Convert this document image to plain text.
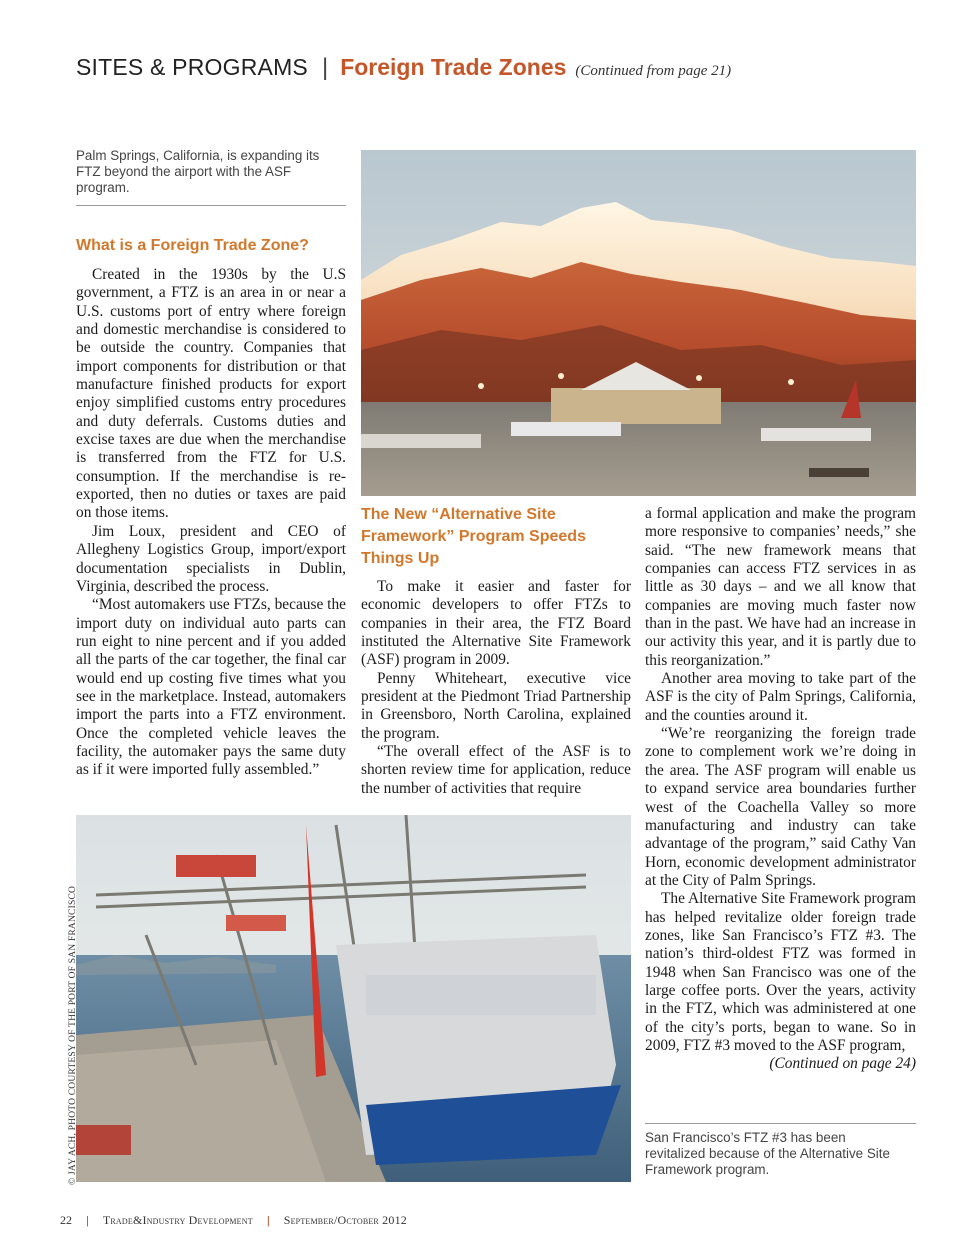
SITES & PROGRAMS | Foreign Trade Zones (Continued from page 21)
Palm Springs, California, is expanding its FTZ beyond the airport with the ASF program.
What is a Foreign Trade Zone?

Created in the 1930s by the U.S government, a FTZ is an area in or near a U.S. customs port of entry where foreign and domestic merchandise is considered to be outside the country. Companies that import components for distribution or that manufacture finished products for export enjoy simplified customs entry procedures and duty deferrals. Customs duties and excise taxes are due when the merchandise is transferred from the FTZ for U.S. consumption. If the merchandise is re-exported, then no duties or taxes are paid on those items.

Jim Loux, president and CEO of Allegheny Logistics Group, import/export documentation specialists in Dublin, Virginia, described the process.

“Most automakers use FTZs, because the import duty on individual auto parts can run eight to nine percent and if you added all the parts of the car together, the final car would end up costing five times what you see in the marketplace. Instead, automakers import the parts into a FTZ environment. Once the completed vehicle leaves the facility, the automaker pays the same duty as if it were imported fully assembled.”

The New “Alternative Site Framework” Program Speeds Things Up

To make it easier and faster for economic developers to offer FTZs to companies in their area, the FTZ Board instituted the Alternative Site Framework (ASF) program in 2009.

Penny Whiteheart, executive vice president at the Piedmont Triad Partnership in Greensboro, North Carolina, explained the program.

“The overall effect of the ASF is to shorten review time for application, reduce the number of activities that require

a formal application and make the program more responsive to companies’ needs,” she said. “The new framework means that companies can access FTZ services in as little as 30 days – and we all know that companies are moving much faster now than in the past. We have had an increase in our activity this year, and it is partly due to this reorganization.”

Another area moving to take part of the ASF is the city of Palm Springs, California, and the counties around it.

“We’re reorganizing the foreign trade zone to complement work we’re doing in the area. The ASF program will enable us to expand service area boundaries further west of the Coachella Valley so more manufacturing and industry can take advantage of the program,” said Cathy Van Horn, economic development administrator at the City of Palm Springs.

The Alternative Site Framework program has helped revitalize older foreign trade zones, like San Francisco’s FTZ #3. The nation’s third-oldest FTZ was formed in 1948 when San Francisco was one of the large coffee ports. Over the years, activity in the FTZ, which was administered at one of the city’s ports, began to wane. So in 2009, FTZ #3 moved to the ASF program,
(Continued on page 24)

San Francisco’s FTZ #3 has been revitalized because of the Alternative Site Framework program.
© JAY ACH, PHOTO COURTESY OF THE PORT OF SAN FRANCISCO
22 | Trade&Industry Development | September/October 2012
